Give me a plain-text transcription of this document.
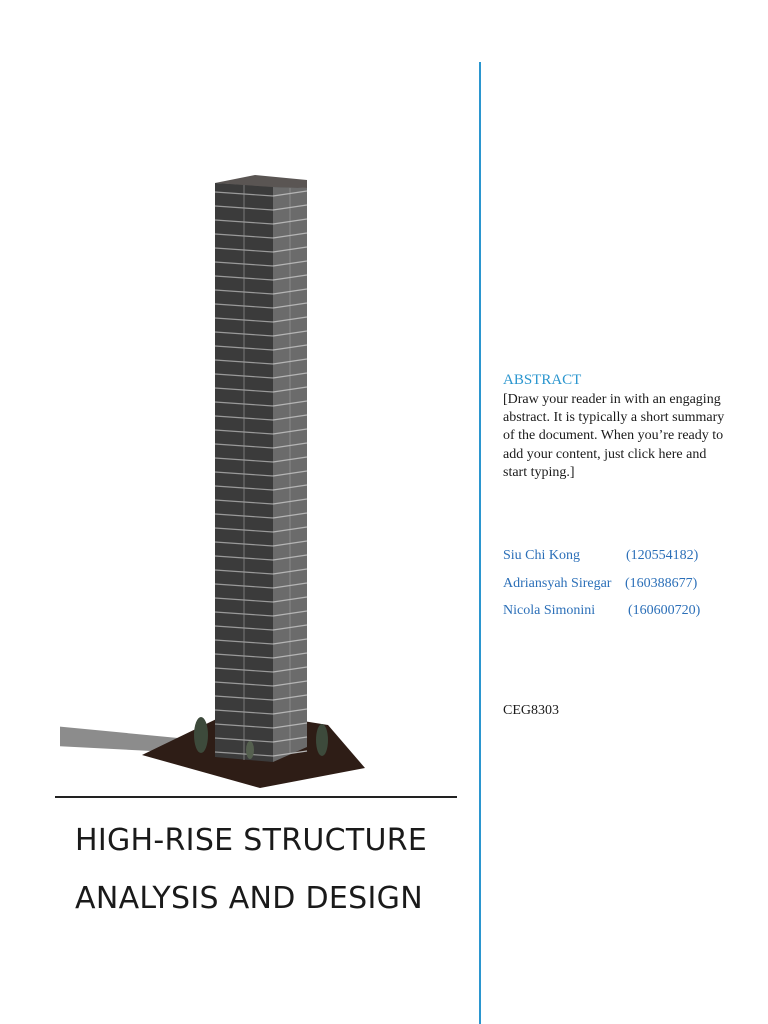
HIGH-RISE STRUCTURE
ANALYSIS AND DESIGN
ABSTRACT
[Draw your reader in with an engaging abstract. It is typically a short summary of the document. When you’re ready to add your content, just click here and start typing.]
Siu Chi Kong	(120554182)
Adriansyah Siregar (160388677)
Nicola Simonini (160600720)
CEG8303
